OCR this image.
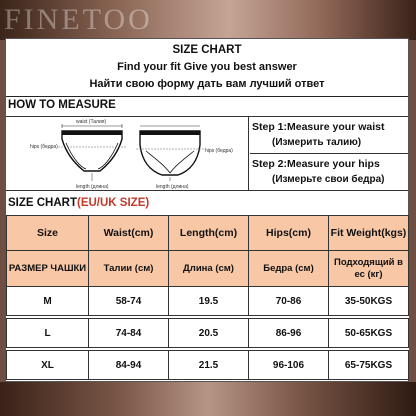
FINETOO
SIZE CHART
Find your fit Give you best answer
Найти свою форму дать вам лучший ответ
HOW TO MEASURE
waist (Талия)
hips (бедра)
length (длина)
hips (бедра)
length (длина)
Step 1:Measure your waist
(Измерить талию)
Step 2:Measure your hips
(Измерьте свои бедра)
SIZE CHART(EU/UK SIZE)
Size	Waist(cm)	Length(cm)	Hips(cm)	Fit Weight(kgs)
РАЗМЕР ЧАШКИ	Талии (см)	Длина (см)	Бедра (см)	Подходящий в ес (кг)
M	58-74	19.5	70-86	35-50KGS

L	74-84	20.5	86-96	50-65KGS

XL	84-94	21.5	96-106	65-75KGS
